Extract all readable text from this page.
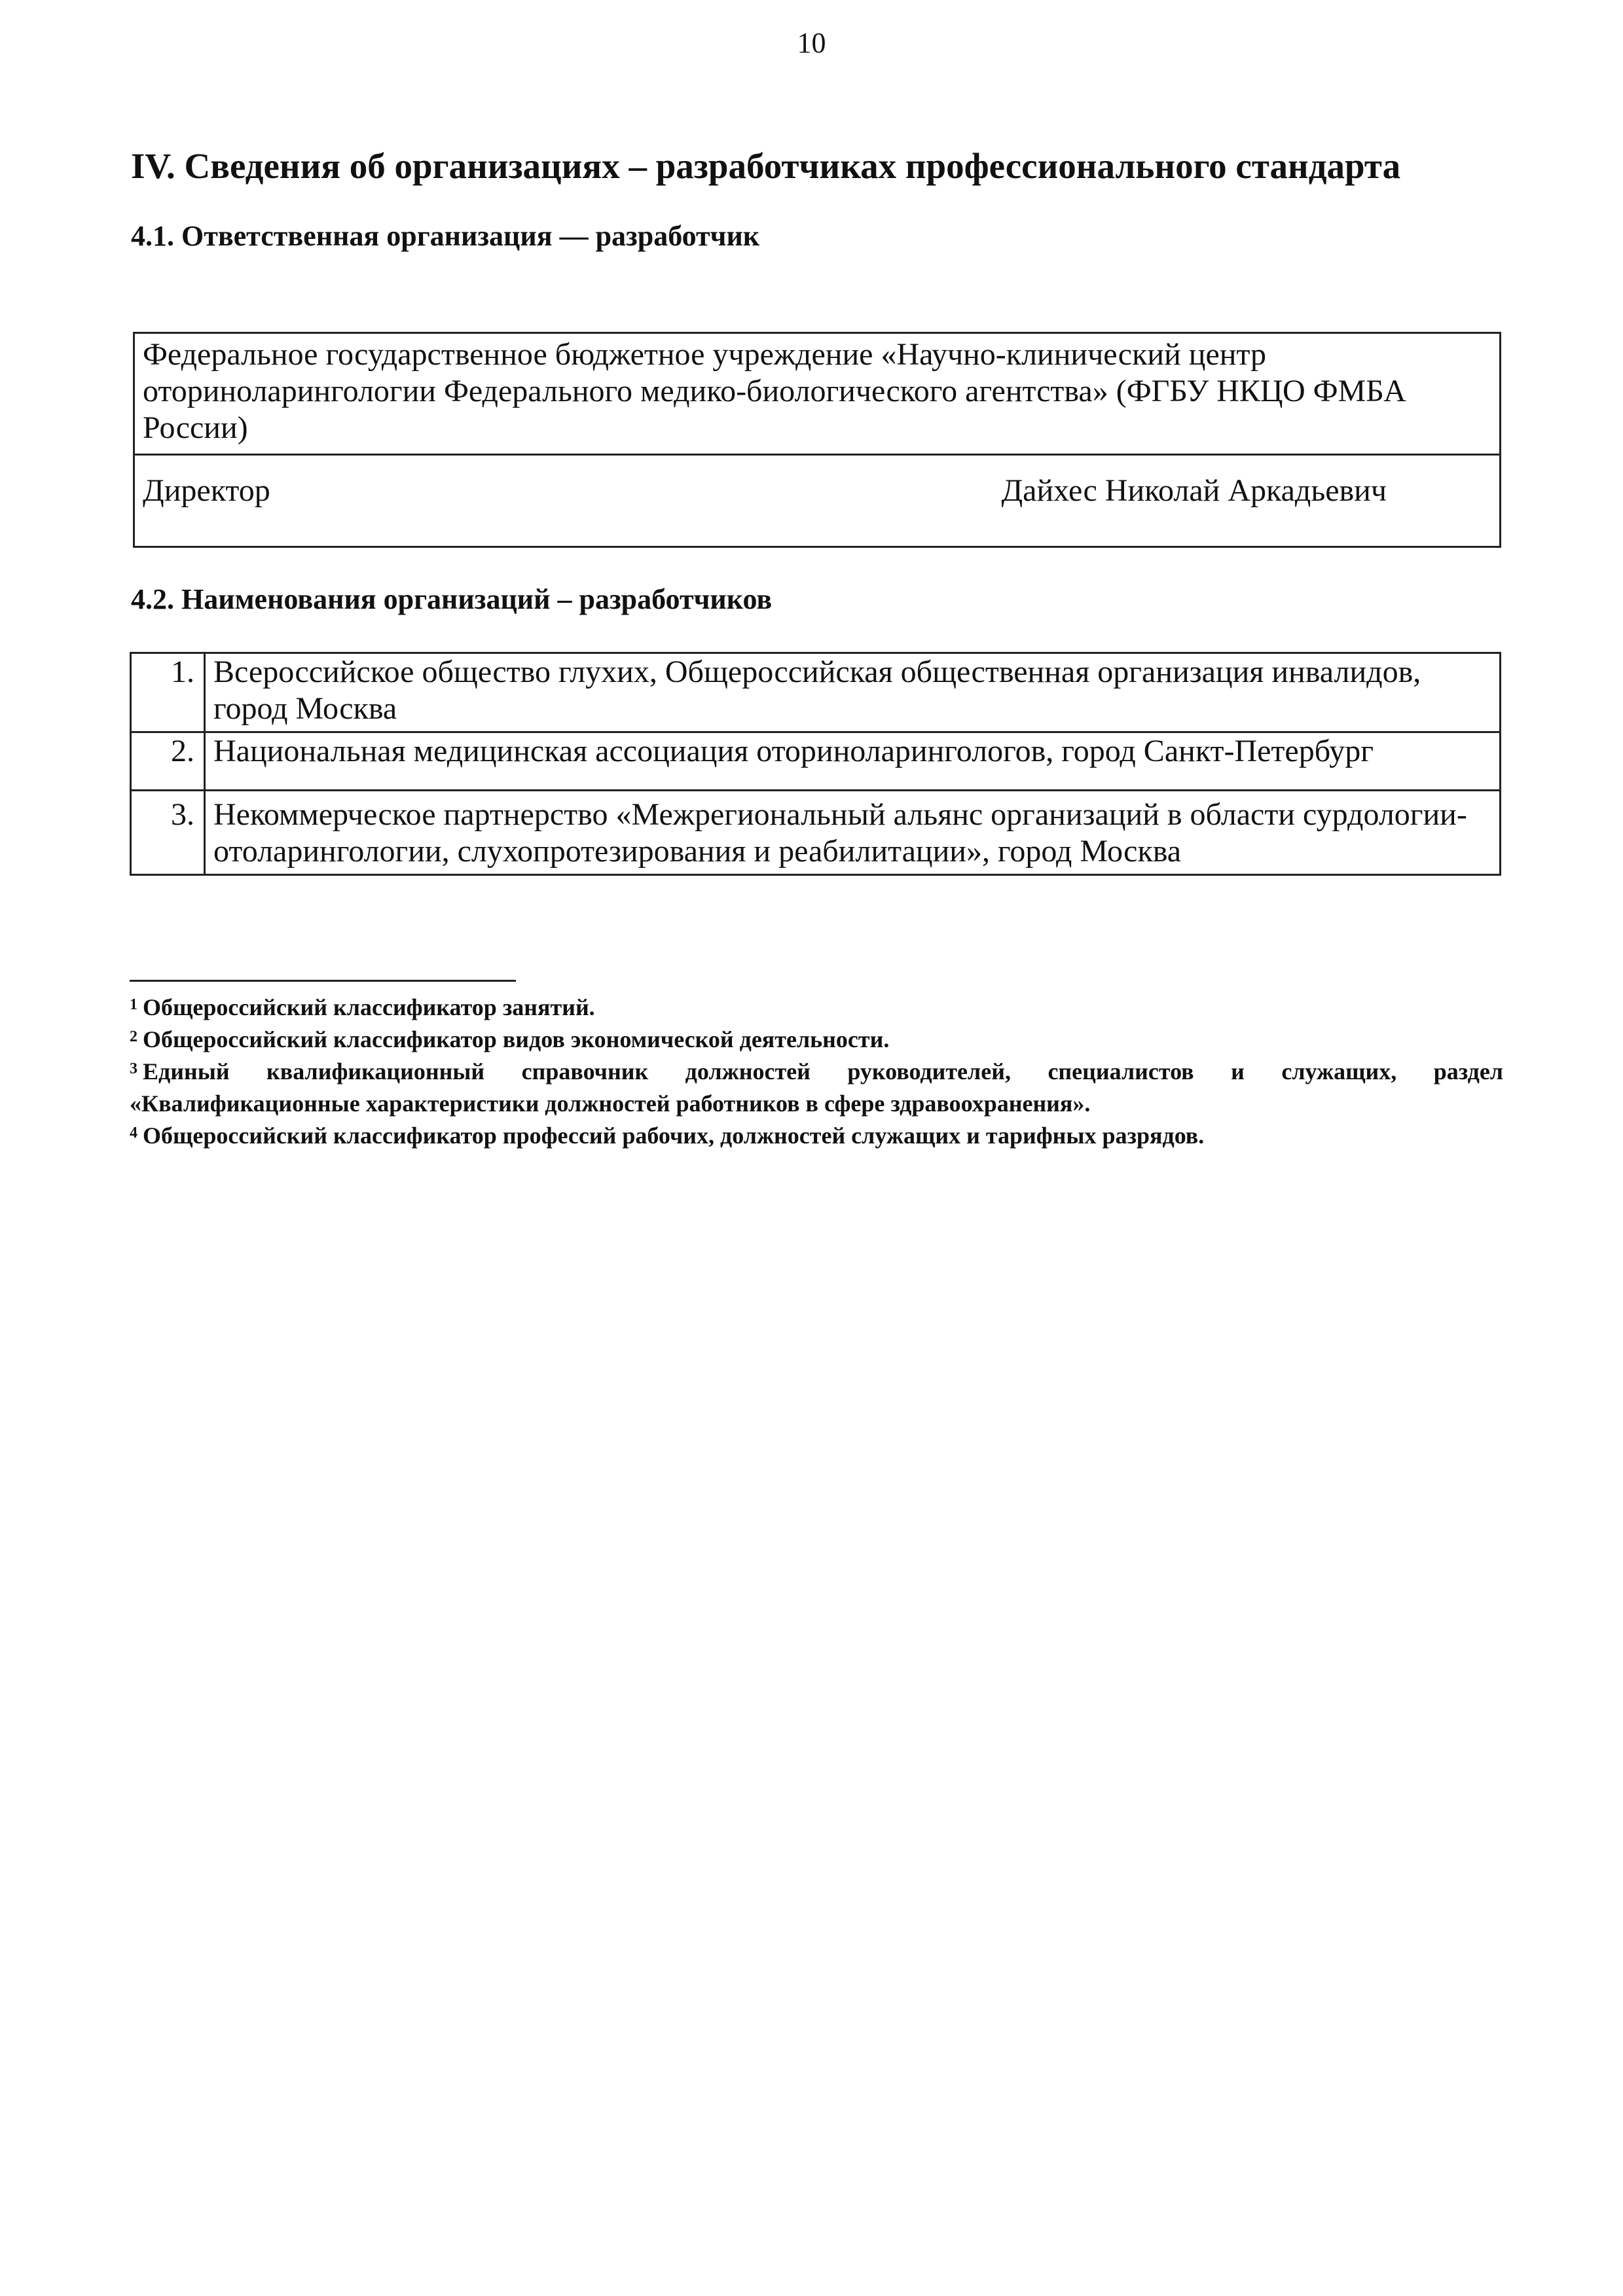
10
IV. Сведения об организациях – разработчиках профессионального стандарта
4.1. Ответственная организация — разработчик
Федеральное государственное бюджетное учреждение «Научно-клинический центр оториноларингологии Федерального медико-биологического агентства» (ФГБУ НКЦО ФМБА России)

Директор	Дайхес Николай Аркадьевич
4.2. Наименования организаций – разработчиков
1.	Всероссийское общество глухих, Общероссийская общественная организация инвалидов, город Москва
2.	Национальная медицинская ассоциация оториноларингологов, город Санкт-Петербург
3.	Некоммерческое партнерство «Межрегиональный альянс организаций в области сурдологии-отоларингологии, слухопротезирования и реабилитации», город Москва

$^1$ Общероссийский классификатор занятий.

$^2$ Общероссийский классификатор видов экономической деятельности.

$^3$ Единый квалификационный справочник должностей руководителей, специалистов и служащих, раздел

«Квалификационные характеристики должностей работников в сфере здравоохранения».

$^4$ Общероссийский классификатор профессий рабочих, должностей служащих и тарифных разрядов.
